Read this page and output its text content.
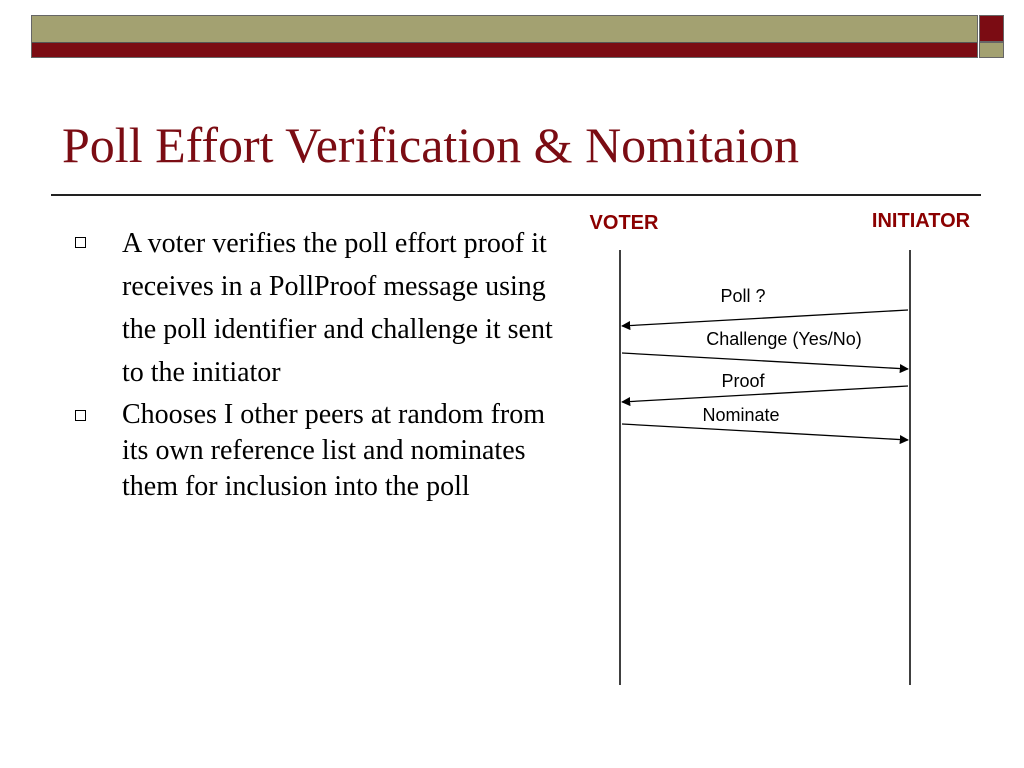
Poll Effort Verification & Nomitaion
A voter verifies the poll effort proof it receives in a PollProof message using the poll identifier and challenge it sent to the initiator
Chooses I other peers at random from its own reference list and nominates them for inclusion into the poll
VOTER	INITIATOR
Poll ?
Challenge (Yes/No)
Proof
Nominate
